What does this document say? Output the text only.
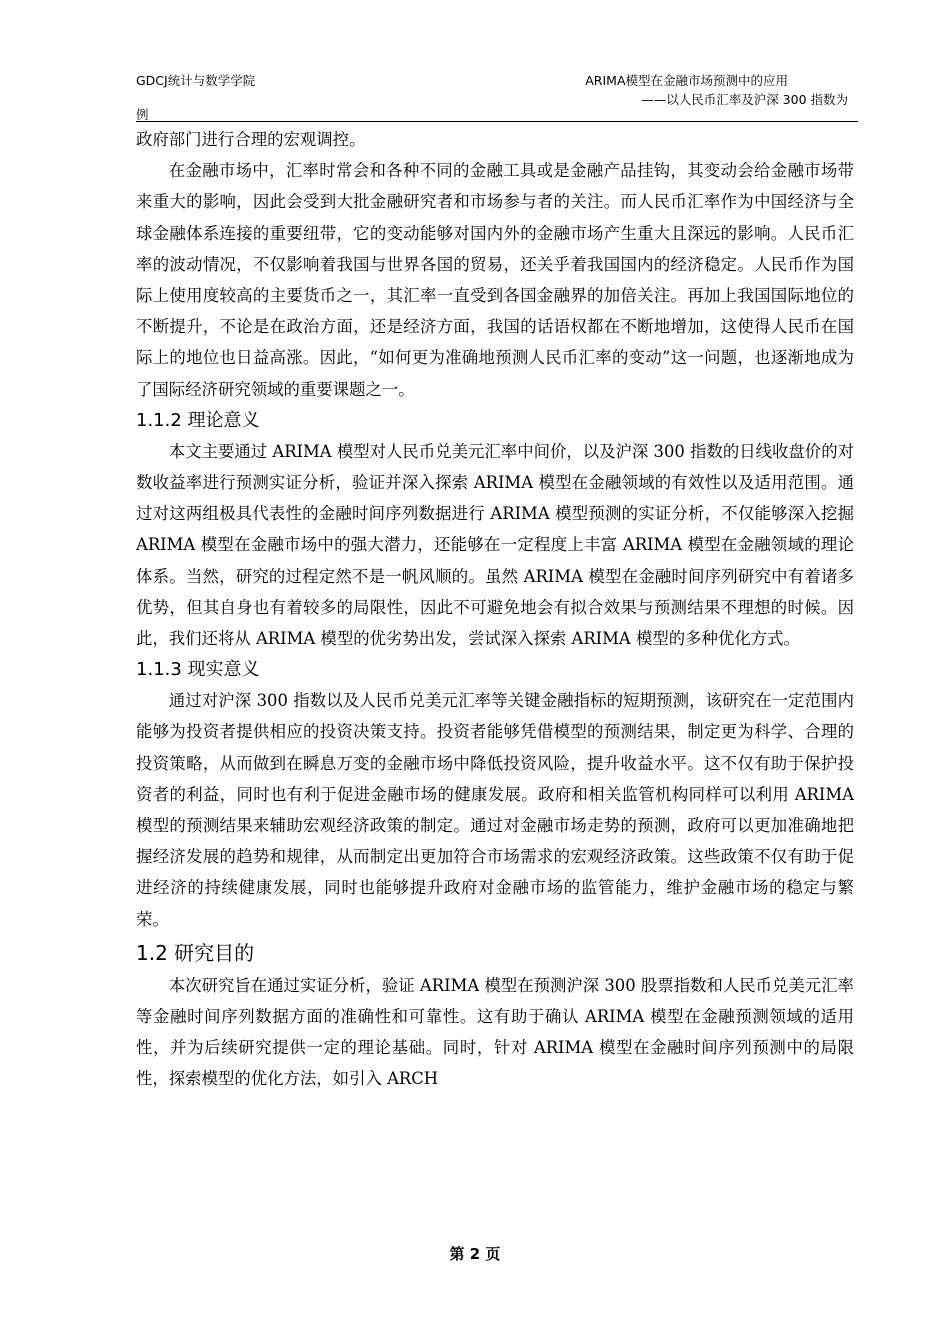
GDCJ统计与数学学院	ARIMA模型在金融市场预测中的应用
——以人民币汇率及沪深 300 指数为
例

政府部门进行合理的宏观调控。

在金融市场中，汇率时常会和各种不同的金融工具或是金融产品挂钩，其变动会给金融市场带来重大的影响，因此会受到大批金融研究者和市场参与者的关注。而人民币汇率作为中国经济与全球金融体系连接的重要纽带，它的变动能够对国内外的金融市场产生重大且深远的影响。人民币汇率的波动情况，不仅影响着我国与世界各国的贸易，还关乎着我国国内的经济稳定。人民币作为国际上使用度较高的主要货币之一，其汇率一直受到各国金融界的加倍关注。再加上我国国际地位的不断提升，不论是在政治方面，还是经济方面，我国的话语权都在不断地增加，这使得人民币在国际上的地位也日益高涨。因此，“如何更为准确地预测人民币汇率的变动”这一问题，也逐渐地成为了国际经济研究领域的重要课题之一。

1.1.2 理论意义

本文主要通过 ARIMA 模型对人民币兑美元汇率中间价，以及沪深 300 指数的日线收盘价的对数收益率进行预测实证分析，验证并深入探索 ARIMA 模型在金融领域的有效性以及适用范围。通过对这两组极具代表性的金融时间序列数据进行 ARIMA 模型预测的实证分析，不仅能够深入挖掘 ARIMA 模型在金融市场中的强大潜力，还能够在一定程度上丰富 ARIMA 模型在金融领域的理论体系。当然，研究的过程定然不是一帆风顺的。虽然 ARIMA 模型在金融时间序列研究中有着诸多优势，但其自身也有着较多的局限性，因此不可避免地会有拟合效果与预测结果不理想的时候。因此，我们还将从 ARIMA 模型的优劣势出发，尝试深入探索 ARIMA 模型的多种优化方式。

1.1.3 现实意义

通过对沪深 300 指数以及人民币兑美元汇率等关键金融指标的短期预测，该研究在一定范围内能够为投资者提供相应的投资决策支持。投资者能够凭借模型的预测结果，制定更为科学、合理的投资策略，从而做到在瞬息万变的金融市场中降低投资风险，提升收益水平。这不仅有助于保护投资者的利益，同时也有利于促进金融市场的健康发展。政府和相关监管机构同样可以利用 ARIMA 模型的预测结果来辅助宏观经济政策的制定。通过对金融市场走势的预测，政府可以更加准确地把握经济发展的趋势和规律，从而制定出更加符合市场需求的宏观经济政策。这些政策不仅有助于促进经济的持续健康发展，同时也能够提升政府对金融市场的监管能力，维护金融市场的稳定与繁荣。

1.2 研究目的

本次研究旨在通过实证分析，验证 ARIMA 模型在预测沪深 300 股票指数和人民币兑美元汇率等金融时间序列数据方面的准确性和可靠性。这有助于确认 ARIMA 模型在金融预测领域的适用性，并为后续研究提供一定的理论基础。同时，针对 ARIMA 模型在金融时间序列预测中的局限性，探索模型的优化方法，如引入 ARCH

第 2 页
